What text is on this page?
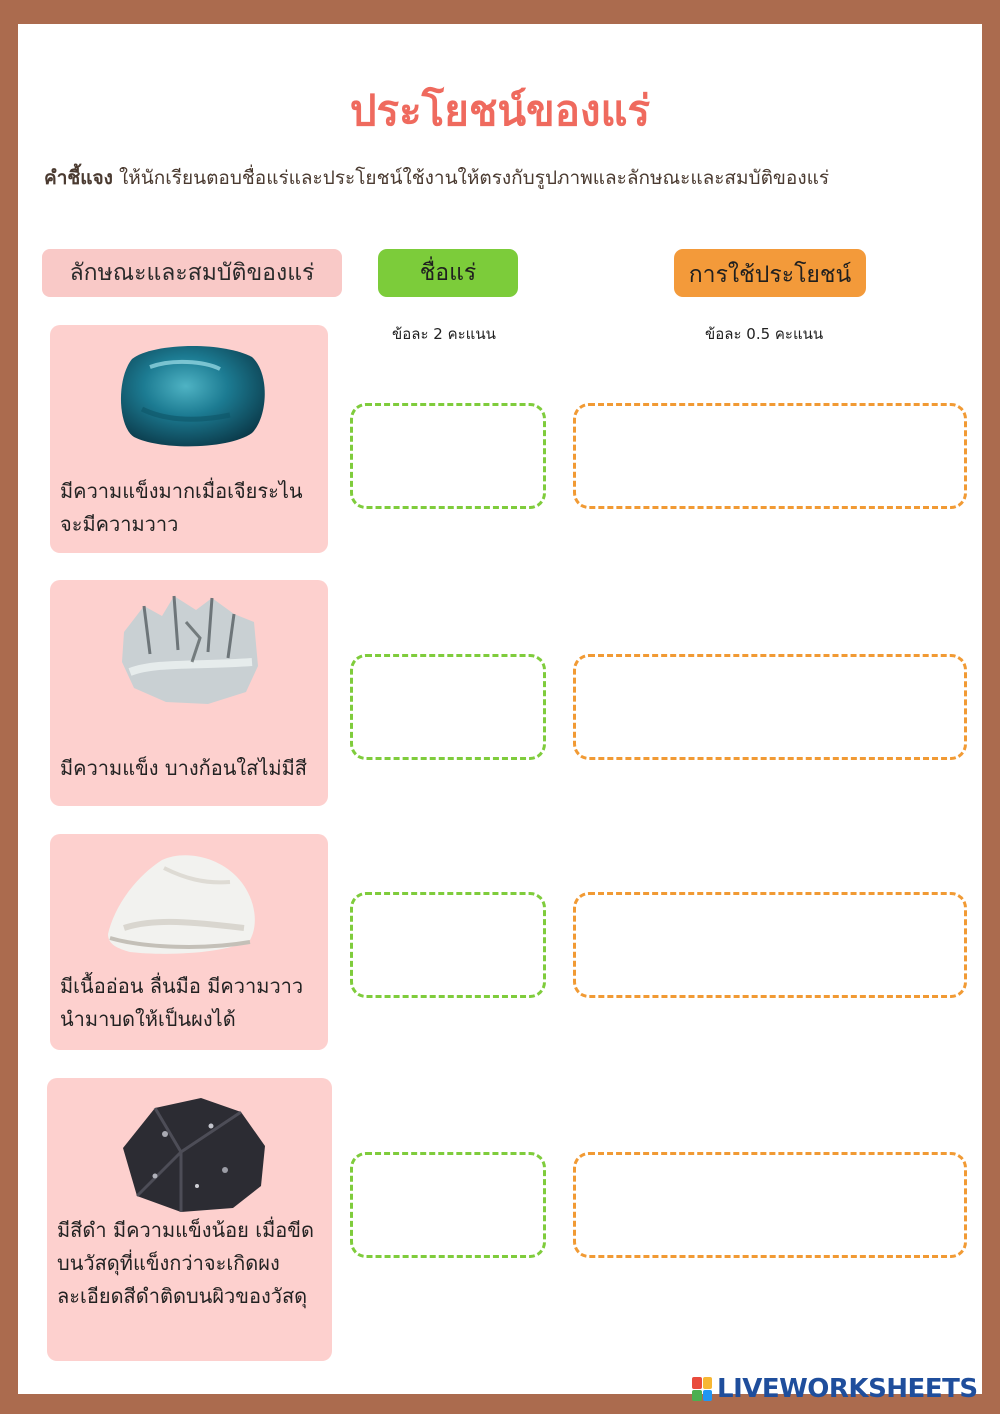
ประโยชน์ของแร่
คำชี้แจง ให้นักเรียนตอบชื่อแร่และประโยชน์ใช้งานให้ตรงกับรูปภาพและลักษณะและสมบัติของแร่
ลักษณะและสมบัติของแร่	ชื่อแร่	การใช้ประโยชน์
ข้อละ 2 คะแนน	ข้อละ 0.5 คะแนน
มีความแข็งมากเมื่อเจียระไนจะมีความวาว
มีความแข็ง บางก้อนใสไม่มีสี
มีเนื้ออ่อน ลื่นมือ มีความวาวนำมาบดให้เป็นผงได้
มีสีดำ มีความแข็งน้อย เมื่อขีดบนวัสดุที่แข็งกว่าจะเกิดผงละเอียดสีดำติดบนผิวของวัสดุ
LIVEWORKSHEETS
